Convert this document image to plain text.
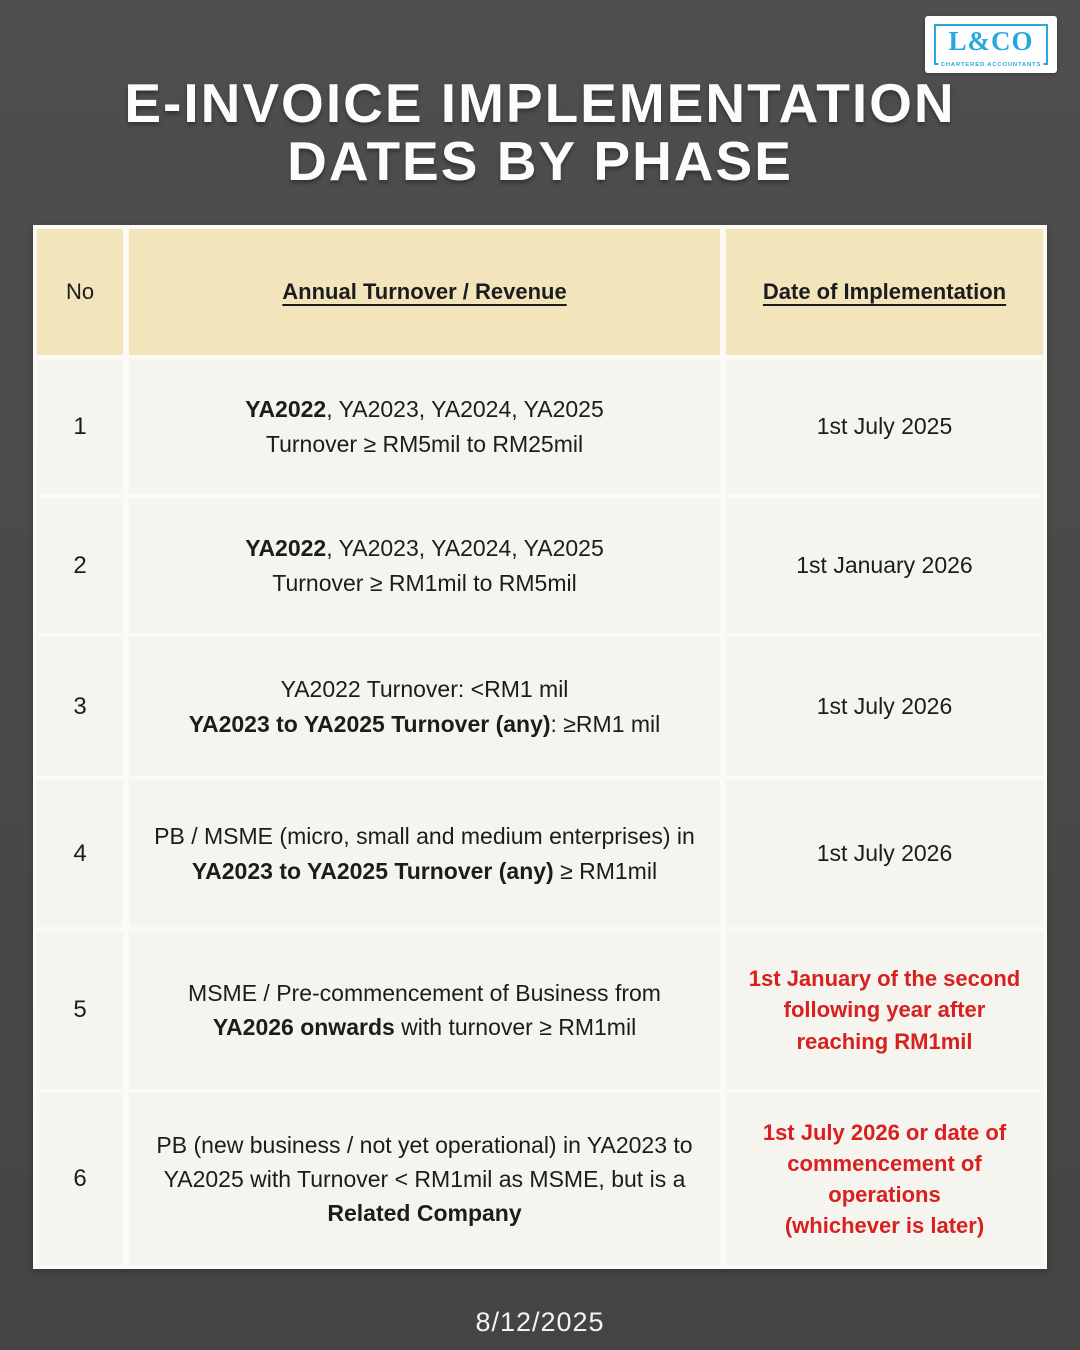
L&CO
CHARTERED ACCOUNTANTS
E-INVOICE IMPLEMENTATION
DATES BY PHASE
No	Annual Turnover / Revenue	Date of Implementation
1
YA2022, YA2023, YA2024, YA2025
Turnover ≥ RM5mil to RM25mil
1st July 2025
2
YA2022, YA2023, YA2024, YA2025
Turnover ≥ RM1mil to RM5mil
1st January 2026
3
YA2022 Turnover: <RM1 mil
YA2023 to YA2025 Turnover (any): ≥RM1 mil
1st July 2026
4
PB / MSME (micro, small and medium enterprises) in
YA2023 to YA2025 Turnover (any) ≥ RM1mil
1st July 2026
5
MSME / Pre-commencement of Business from
YA2026 onwards with turnover ≥ RM1mil
1st January of the second
following year after
reaching RM1mil
6
PB (new business / not yet operational) in YA2023 to
YA2025 with Turnover < RM1mil as MSME, but is a
Related Company
1st July 2026 or date of
commencement of
operations
(whichever is later)
8/12/2025
